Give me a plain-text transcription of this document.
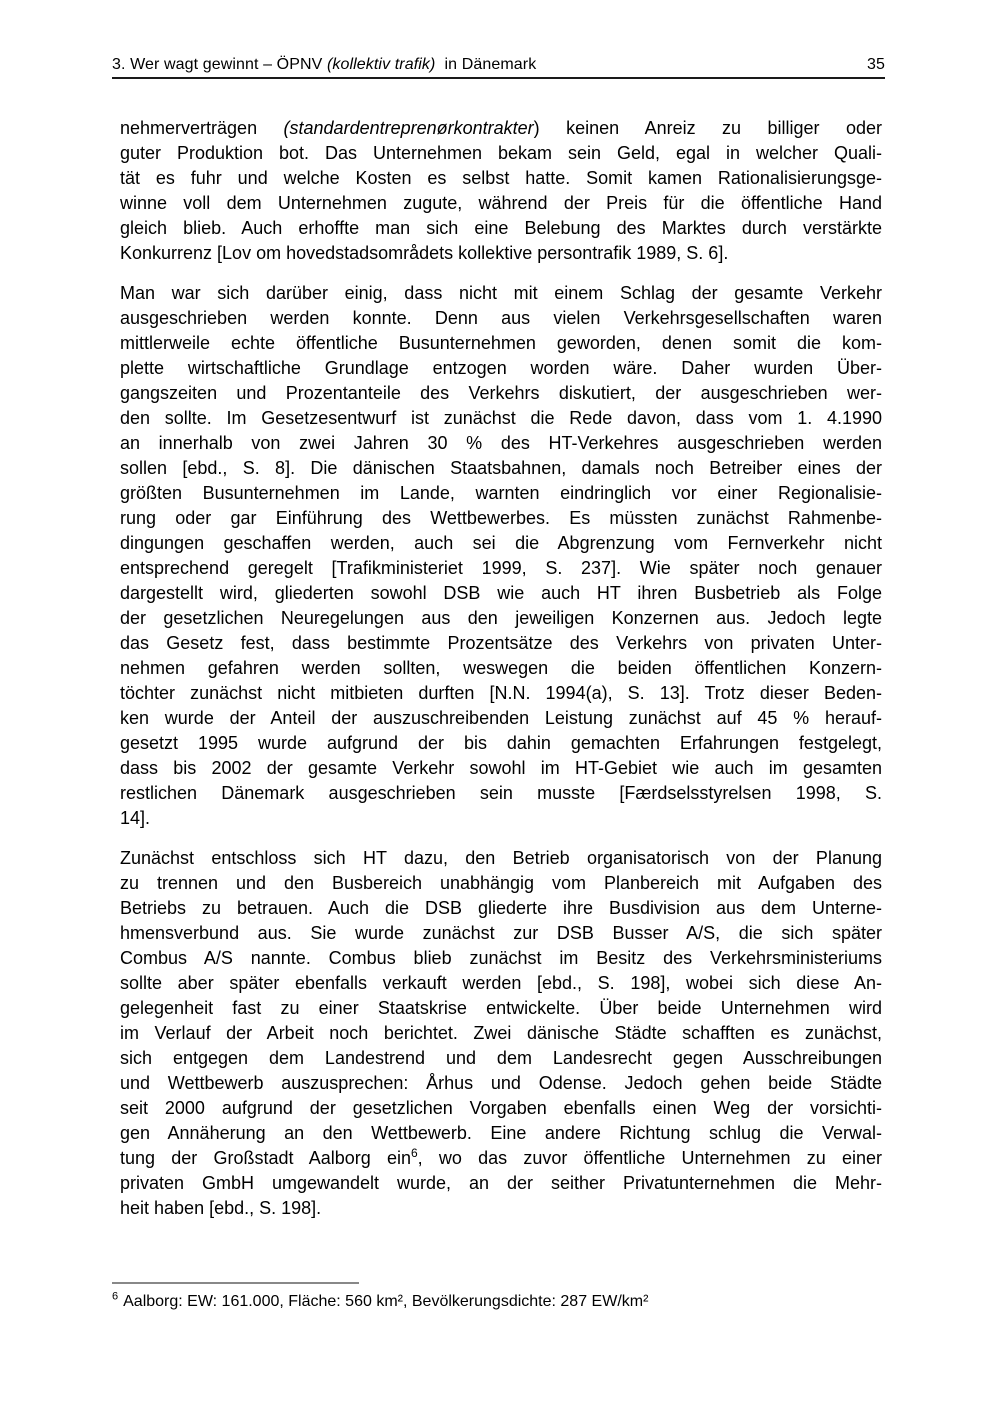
3. Wer wagt gewinnt – ÖPNV (kollektiv trafik)  in Dänemark	35
nehmerverträgen (standardentreprenørkontrakter) keinen Anreiz zu billiger oder
guter Produktion bot. Das Unternehmen bekam sein Geld, egal in welcher Quali-
tät es fuhr und welche Kosten es selbst hatte. Somit kamen Rationalisierungsge-
winne voll dem Unternehmen zugute, während der Preis für die öffentliche Hand
gleich blieb. Auch erhoffte man sich eine Belebung des Marktes durch verstärkte
Konkurrenz [Lov om hovedstadsområdets kollektive persontrafik 1989, S. 6].
Man war sich darüber einig, dass nicht mit einem Schlag der gesamte Verkehr
ausgeschrieben werden konnte. Denn aus vielen Verkehrsgesellschaften waren
mittlerweile echte öffentliche Busunternehmen geworden, denen somit die kom-
plette wirtschaftliche Grundlage entzogen worden wäre. Daher wurden Über-
gangszeiten und Prozentanteile des Verkehrs diskutiert, der ausgeschrieben wer-
den sollte. Im Gesetzesentwurf ist zunächst die Rede davon, dass vom 1. 4.1990
an innerhalb von zwei Jahren 30 % des HT-Verkehres ausgeschrieben werden
sollen [ebd., S. 8]. Die dänischen Staatsbahnen, damals noch Betreiber eines der
größten Busunternehmen im Lande, warnten eindringlich vor einer Regionalisie-
rung oder gar Einführung des Wettbewerbes. Es müssten zunächst Rahmenbe-
dingungen geschaffen werden, auch sei die Abgrenzung vom Fernverkehr nicht
entsprechend geregelt [Trafikministeriet 1999, S. 237]. Wie später noch genauer
dargestellt wird, gliederten sowohl DSB wie auch HT ihren Busbetrieb als Folge
der gesetzlichen Neuregelungen aus den jeweiligen Konzernen aus. Jedoch legte
das Gesetz fest, dass bestimmte Prozentsätze des Verkehrs von privaten Unter-
nehmen gefahren werden sollten, weswegen die beiden öffentlichen Konzern-
töchter zunächst nicht mitbieten durften [N.N. 1994(a), S. 13]. Trotz dieser Beden-
ken wurde der Anteil der auszuschreibenden Leistung zunächst auf 45 % herauf-
gesetzt 1995 wurde aufgrund der bis dahin gemachten Erfahrungen festgelegt,
dass bis 2002 der gesamte Verkehr sowohl im HT-Gebiet wie auch im gesamten
restlichen Dänemark ausgeschrieben sein musste [Færdselsstyrelsen 1998, S.
14].
Zunächst entschloss sich HT dazu, den Betrieb organisatorisch von der Planung
zu trennen und den Busbereich unabhängig vom Planbereich mit Aufgaben des
Betriebs zu betrauen. Auch die DSB gliederte ihre Busdivision aus dem Unterne-
hmensverbund aus. Sie wurde zunächst zur DSB Busser A/S, die sich später
Combus A/S nannte. Combus blieb zunächst im Besitz des Verkehrsministeriums
sollte aber später ebenfalls verkauft werden [ebd., S. 198], wobei sich diese An-
gelegenheit fast zu einer Staatskrise entwickelte. Über beide Unternehmen wird
im Verlauf der Arbeit noch berichtet. Zwei dänische Städte schafften es zunächst,
sich entgegen dem Landestrend und dem Landesrecht gegen Ausschreibungen
und Wettbewerb auszusprechen: Århus und Odense. Jedoch gehen beide Städte
seit 2000 aufgrund der gesetzlichen Vorgaben ebenfalls einen Weg der vorsichti-
gen Annäherung an den Wettbewerb. Eine andere Richtung schlug die Verwal-
tung der Großstadt Aalborg ein$^6$, wo das zuvor öffentliche Unternehmen zu einer
privaten GmbH umgewandelt wurde, an der seither Privatunternehmen die Mehr-
heit haben [ebd., S. 198].
$^6$ Aalborg: EW: 161.000, Fläche: 560 km², Bevölkerungsdichte: 287 EW/km²
